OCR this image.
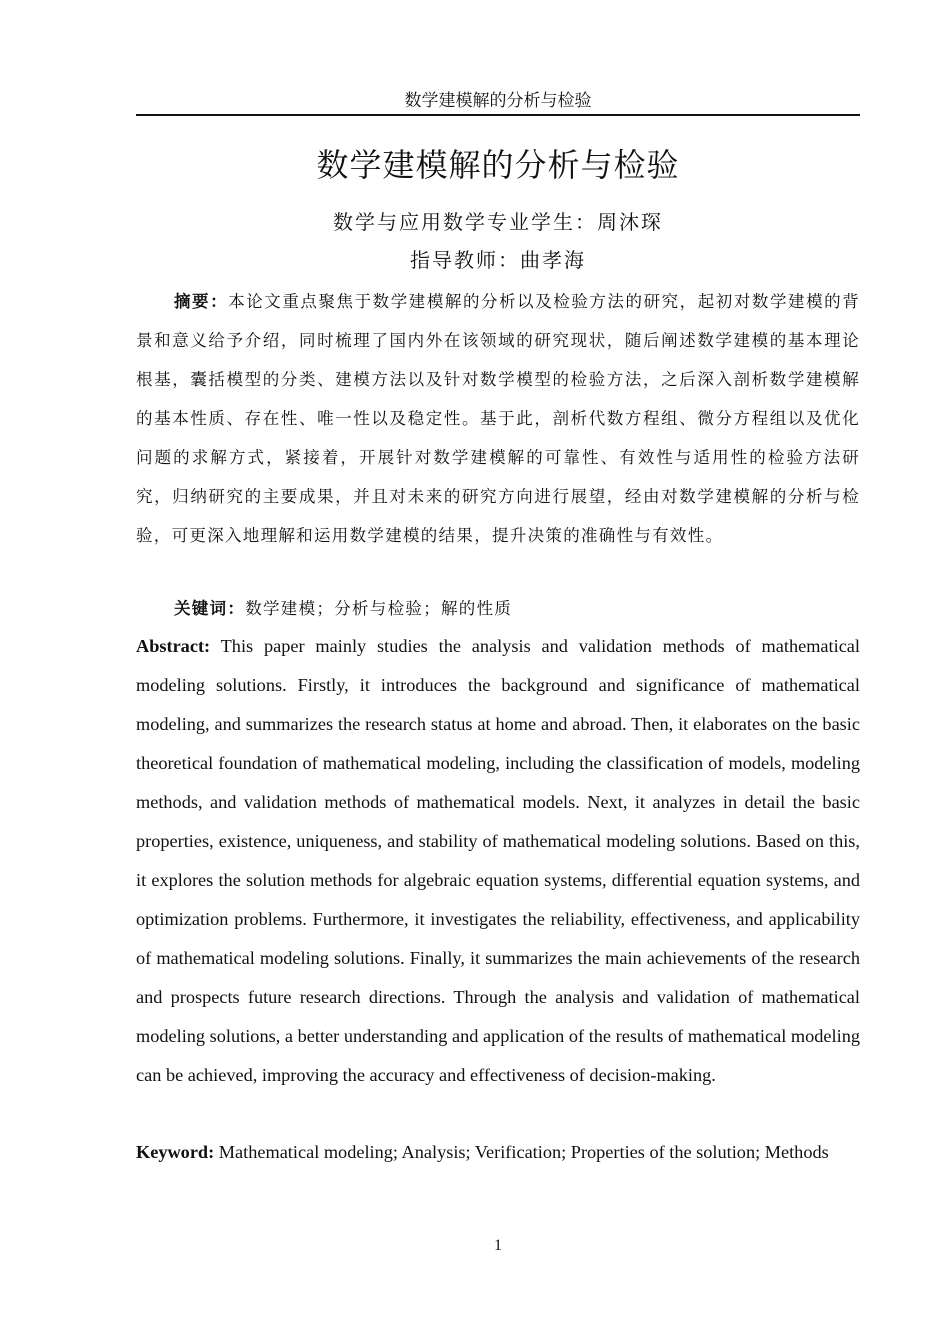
数学建模解的分析与检验
数学建模解的分析与检验
数学与应用数学专业学生：周沐琛
指导教师：曲孝海

摘要：本论文重点聚焦于数学建模解的分析以及检验方法的研究，起初对数学建模的背景和意义给予介绍，同时梳理了国内外在该领域的研究现状，随后阐述数学建模的基本理论根基，囊括模型的分类、建模方法以及针对数学模型的检验方法，之后深入剖析数学建模解的基本性质、存在性、唯一性以及稳定性。基于此，剖析代数方程组、微分方程组以及优化问题的求解方式，紧接着，开展针对数学建模解的可靠性、有效性与适用性的检验方法研究，归纳研究的主要成果，并且对未来的研究方向进行展望，经由对数学建模解的分析与检验，可更深入地理解和运用数学建模的结果，提升决策的准确性与有效性。

关键词：数学建模；分析与检验；解的性质

Abstract: This paper mainly studies the analysis and validation methods of mathematical modeling solutions. Firstly, it introduces the background and significance of mathematical modeling, and summarizes the research status at home and abroad. Then, it elaborates on the basic theoretical foundation of mathematical modeling, including the classification of models, modeling methods, and validation methods of mathematical models. Next, it analyzes in detail the basic properties, existence, uniqueness, and stability of mathematical modeling solutions. Based on this, it explores the solution methods for algebraic equation systems, differential equation systems, and optimization problems. Furthermore, it investigates the reliability, effectiveness, and applicability of mathematical modeling solutions. Finally, it summarizes the main achievements of the research and prospects future research directions. Through the analysis and validation of mathematical modeling solutions, a better understanding and application of the results of mathematical modeling can be achieved, improving the accuracy and effectiveness of decision-making.

Keyword: Mathematical modeling; Analysis; Verification; Properties of the solution; Methods

1
